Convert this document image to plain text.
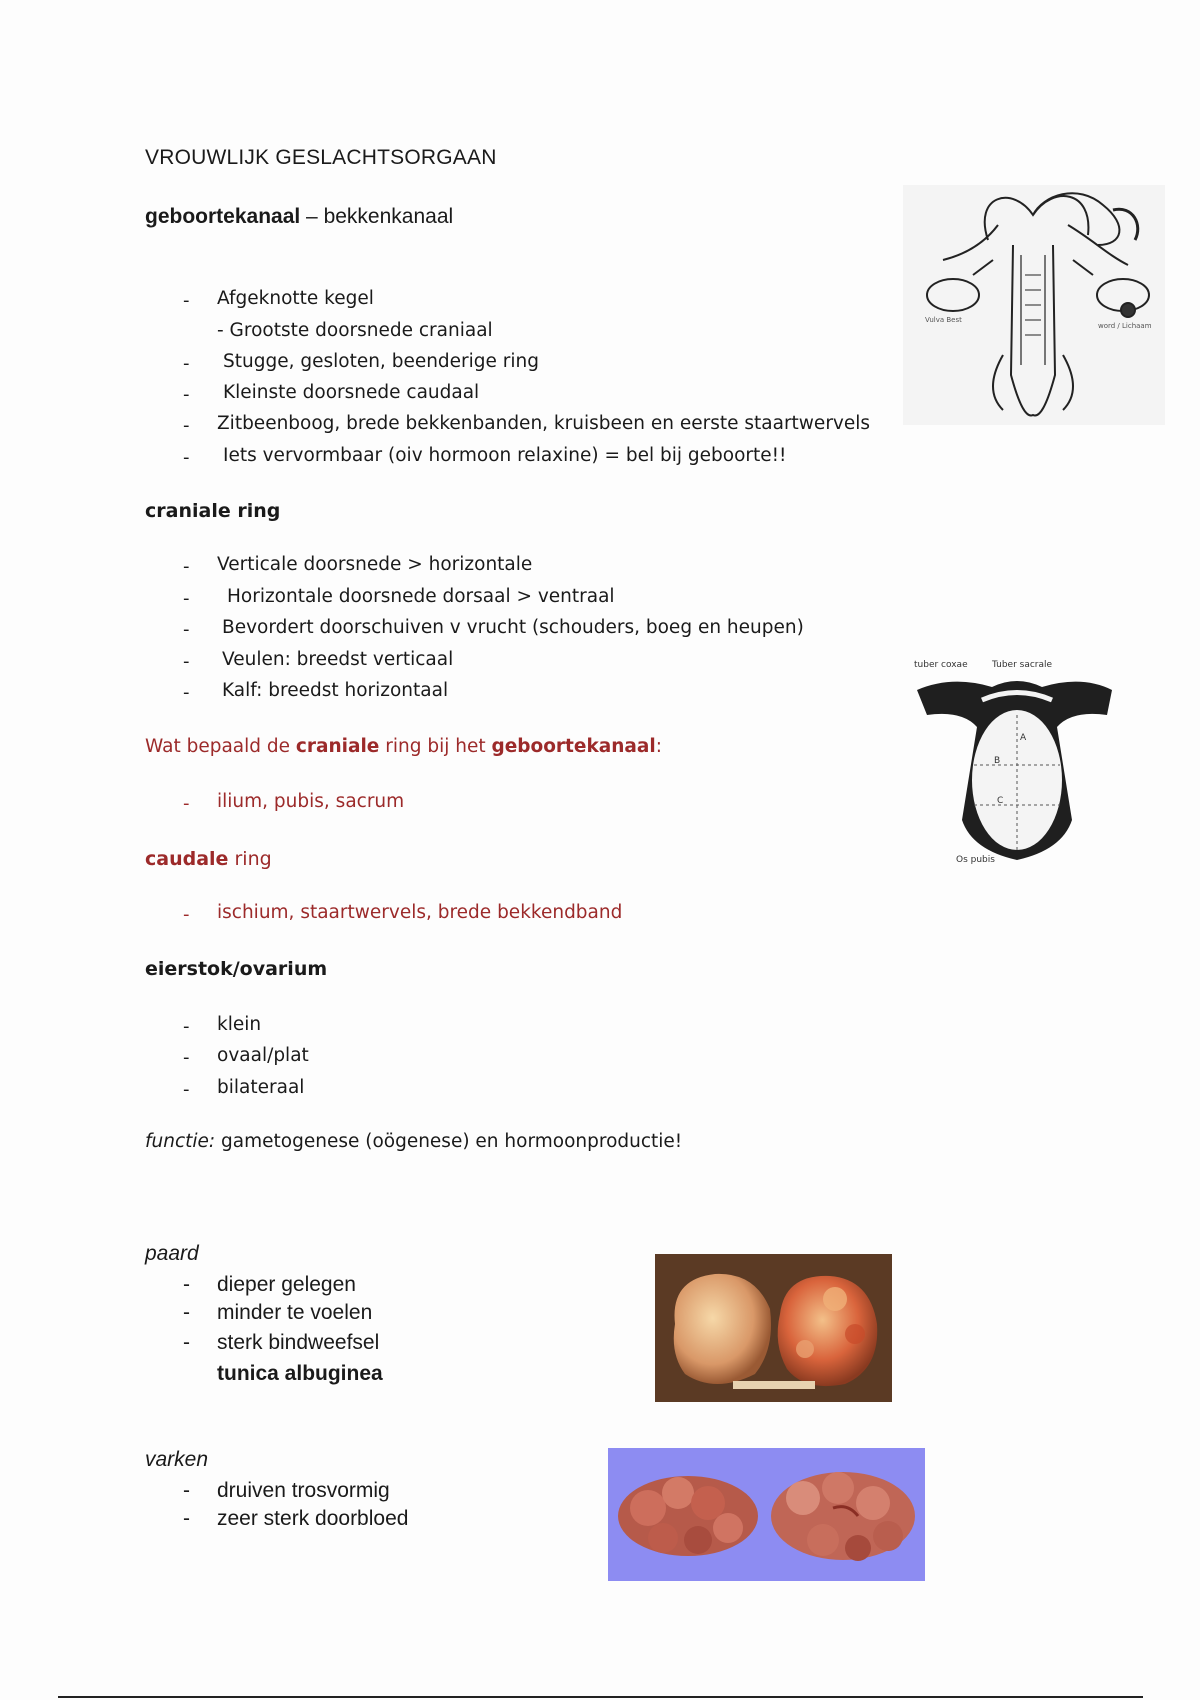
VROUWLIJK GESLACHTSORGAAN
geboortekanaal – bekkenkanaal
- Afgeknotte kegel
- Grootste doorsnede craniaal
- Stugge, gesloten, beenderige ring
- Kleinste doorsnede caudaal
- Zitbeenboog, brede bekkenbanden, kruisbeen en eerste staartwervels
- Iets vervormbaar (oiv hormoon relaxine) = bel bij geboorte!!
craniale ring
- Verticale doorsnede > horizontale
- Horizontale doorsnede dorsaal > ventraal
- Bevordert doorschuiven v vrucht (schouders, boeg en heupen)
- Veulen: breedst verticaal
- Kalf: breedst horizontaal
Wat bepaald de craniale ring bij het geboortekanaal:
- ilium, pubis, sacrum
caudale ring
- ischium, staartwervels, brede bekkendband
eierstok/ovarium
- klein
- ovaal/plat
- bilateraal
functie: gametogenese (oögenese) en hormoonproductie!
paard
- dieper gelegen
- minder te voelen
- sterk bindweefsel
tunica albuginea
varken
- druiven trosvormig
- zeer sterk doorbloed
Vulva Best
word / Lichaam
tuber coxae	Tuber sacrale
A
B
C
Os pubis
